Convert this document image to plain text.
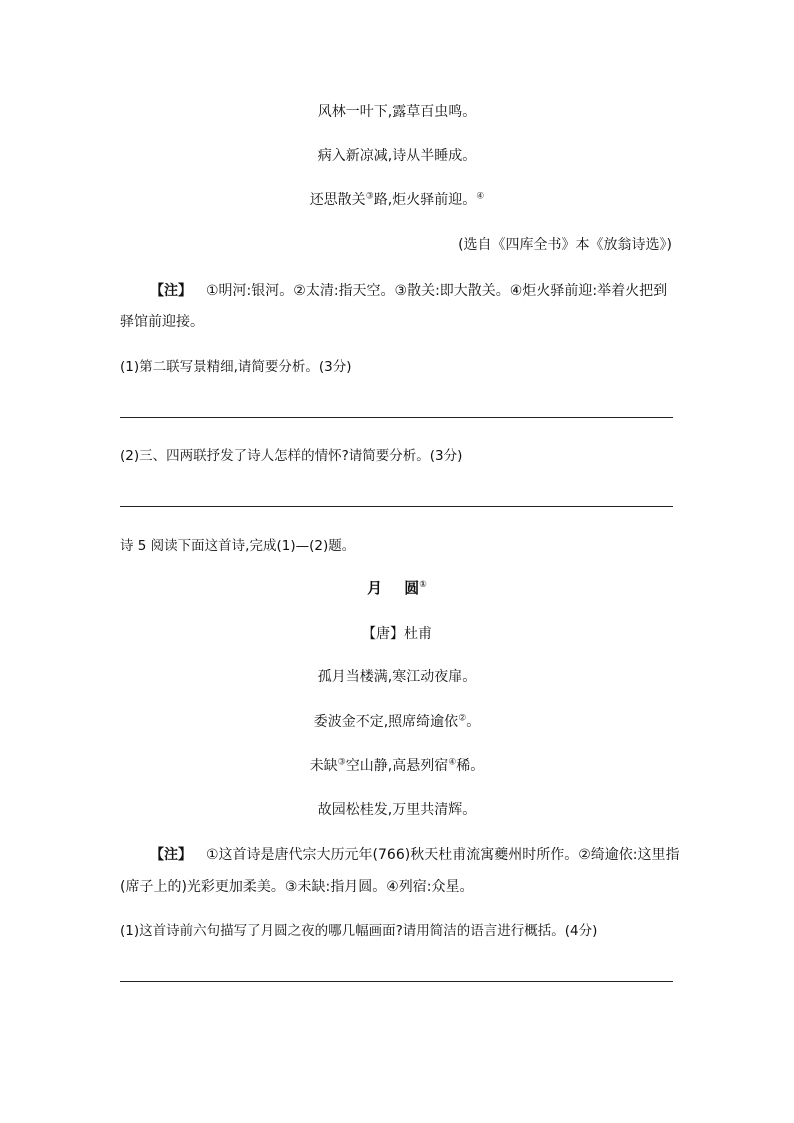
风林一叶下,露草百虫鸣。
病入新凉减,诗从半睡成。
还思散关③路,炬火驿前迎。④
(选自《四库全书》本《放翁诗选》)
【注】 ①明河:银河。②太清:指天空。③散关:即大散关。④炬火驿前迎:举着火把到
驿馆前迎接。
(1)第二联写景精细,请简要分析。(3分)
(2)三、四两联抒发了诗人怎样的情怀?请简要分析。(3分)
诗 5 阅读下面这首诗,完成(1)—(2)题。
月 圆①
【唐】杜甫
孤月当楼满,寒江动夜扉。
委波金不定,照席绮逾依②。
未缺③空山静,高悬列宿④稀。
故园松桂发,万里共清辉。
【注】 ①这首诗是唐代宗大历元年(766)秋天杜甫流寓夔州时所作。②绮逾依:这里指
(席子上的)光彩更加柔美。③未缺:指月圆。④列宿:众星。
(1)这首诗前六句描写了月圆之夜的哪几幅画面?请用简洁的语言进行概括。(4分)
